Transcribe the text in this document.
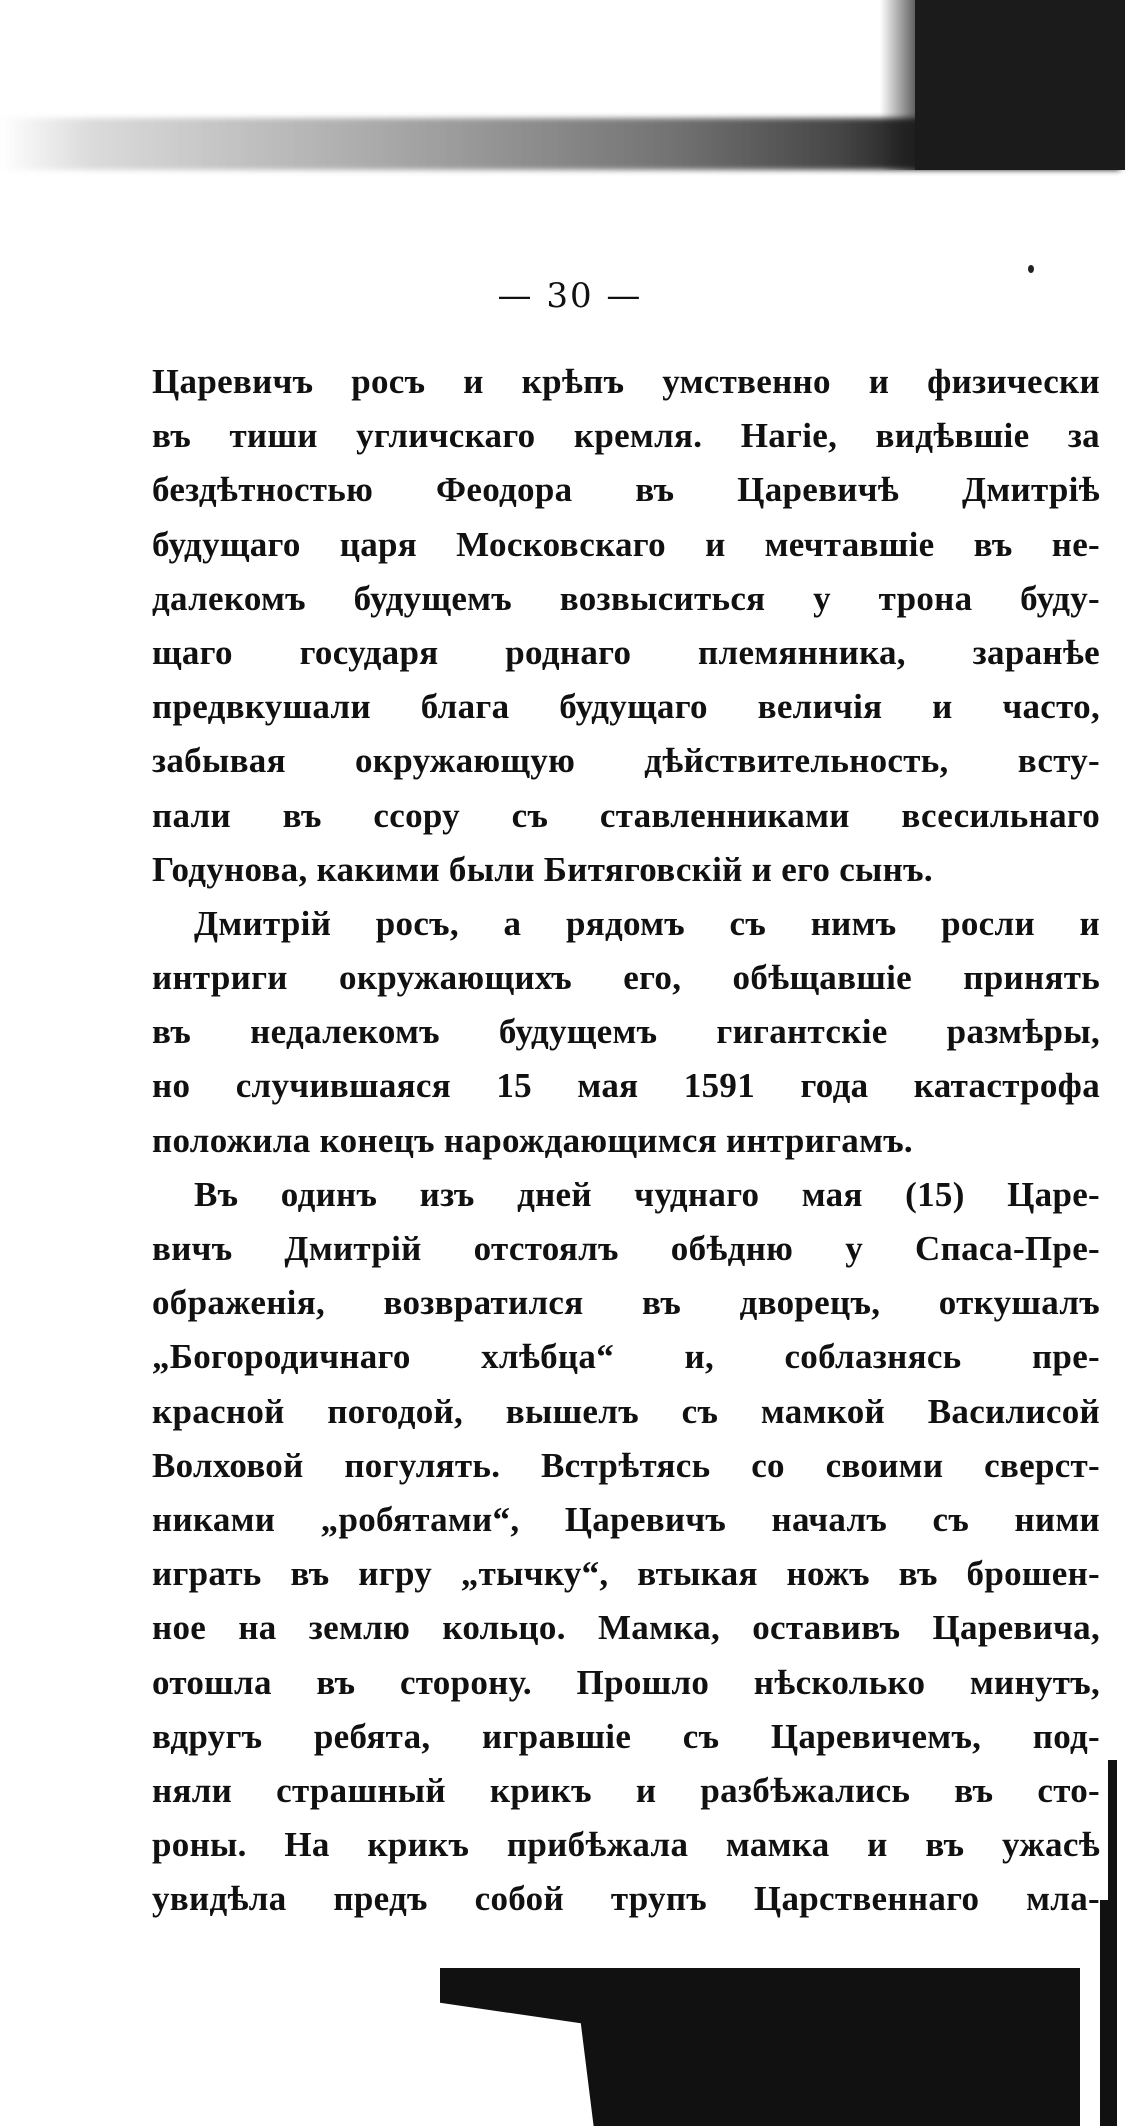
— 30 —
Царевичъ росъ и крѣпъ умственно и физически
въ тиши угличскаго кремля. Нагіе, видѣвшіе за
бездѣтностью Феодора въ Царевичѣ Дмитріѣ
будущаго царя Московскаго и мечтавшіе въ не-
далекомъ будущемъ возвыситься у трона буду-
щаго государя роднаго племянника, заранѣе
предвкушали блага будущаго величія и часто,
забывая окружающую дѣйствительность, всту-
пали въ ссору съ ставленниками всесильнаго
Годунова, какими были Битяговскій и его сынъ.
Дмитрій росъ, а рядомъ съ нимъ росли и
интриги окружающихъ его, обѣщавшіе принять
въ недалекомъ будущемъ гигантскіе размѣры,
но случившаяся 15 мая 1591 года катастрофа
положила конецъ нарождающимся интригамъ.
Въ одинъ изъ дней чуднаго мая (15) Царе-
вичъ Дмитрій отстоялъ обѣдню у Спаса-Пре-
ображенія, возвратился въ дворецъ, откушалъ
„Богородичнаго хлѣбца“ и, соблазнясь пре-
красной погодой, вышелъ съ мамкой Василисой
Волховой погулять. Встрѣтясь со своими сверст-
никами „робятами“, Царевичъ началъ съ ними
играть въ игру „тычку“, втыкая ножъ въ брошен-
ное на землю кольцо. Мамка, оставивъ Царевича,
отошла въ сторону. Прошло нѣсколько минутъ,
вдругъ ребята, игравшіе съ Царевичемъ, под-
няли страшный крикъ и разбѣжались въ сто-
роны. На крикъ прибѣжала мамка и въ ужасѣ
увидѣла предъ собой трупъ Царственнаго мла-
